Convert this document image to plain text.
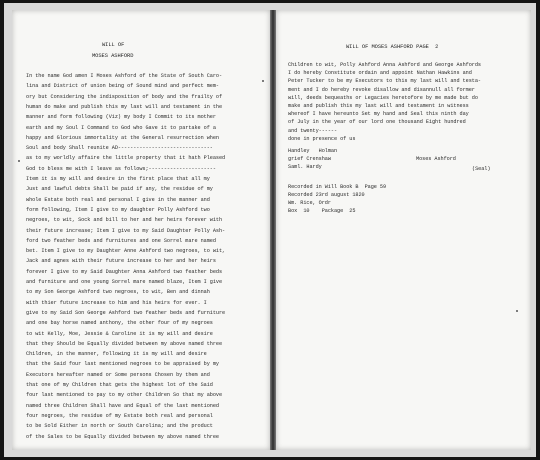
WILL OF
MOSES ASHFORD
In the name God amen I Moses Ashford of the State of South Caro-
lina and District of union being of Sound mind and perfect mem-
ory but Considering the indisposition of body and the frailty of
human do make and publish this my last will and testament in the
manner and form following (Viz) my body I Commit to its mother
earth and my Soul I Command to God who Gave it to partake of a
happy and Glorious immortality at the General resurrection when
Soul and body Shall reunite AD-------------------------------
as to my worldly affaire the little property that it hath Pleased
God to bless me with I leave as follows;----------------------
Item it is my will and desire in the first place that all my
Just and lawful debts Shall be paid if any, the residue of my
whole Estate both real and personal I give in the manner and
form following, Item I give to my daughter Polly Ashford two
negroes, to wit, Sock and bill to her and her heirs forever with
their future increase; Item I give to my Said Daughter Polly Ash-
ford two feather beds and furnitures and one Sorrel mare named
bet. Item I give to my Daughter Anne Ashford two negroes, to wit,
Jack and agnes with their future increase to her and her heirs
forever I give to my Said Daughter Anna Ashford two feather beds
and furniture and one young Sorrel mare named blaze, Item I give
to my Son George Ashford two negroes, to wit, Ben and dinnah
with thier future increase to him and his heirs for ever. I
give to my Said Son George Ashford two feather beds and furniture
and one bay horse named anthony, the other four of my negroes
to wit Kelly, Moe, Jessie & Caroline it is my will and desire
that they Should be Equally divided between my above named three
Children, in the manner, following it is my will and desire
that the Said four last mentioned negroes to be appraised by my
Executors hereafter named or Some persons Chosen by them and
that one of my Children that gets the highest lot of the Said
four last mentioned to pay to my other Children So that my above
named three Children Shall have and Equal of the last mentioned
four negroes, the residue of my Estate both real and personal
to be Sold Either in north or South Carolina; and the product
of the Sales to be Equally divided between my above named three
WILL OF MOSES ASHFORD PAGE  2
Children to wit, Polly Ashford Anna Ashford and George Ashfords
I do hereby Constitute ordain and appoint Nathan Hawkins and
Peter Tucker to be my Executors to this my last will and testa-
ment and I do hereby revoke disallow and disannull all former
will, deeds bequeaths or Legacies heretofore by me made but do
make and publish this my last will and testament in witness
whereof I have hereunto Set my hand and Seal this ninth day
of July in the year of our lord one thousand Eight hundred
and twenty------
done in presence of us
Handley   Holman
grief Crenshaw
Saml. Hardy
Moses Ashford
(Seal)
Recorded in Will Book B  Page 59
Recorded 23rd august 1820
Wm. Rice, Ordr
Box  10    Package  25
